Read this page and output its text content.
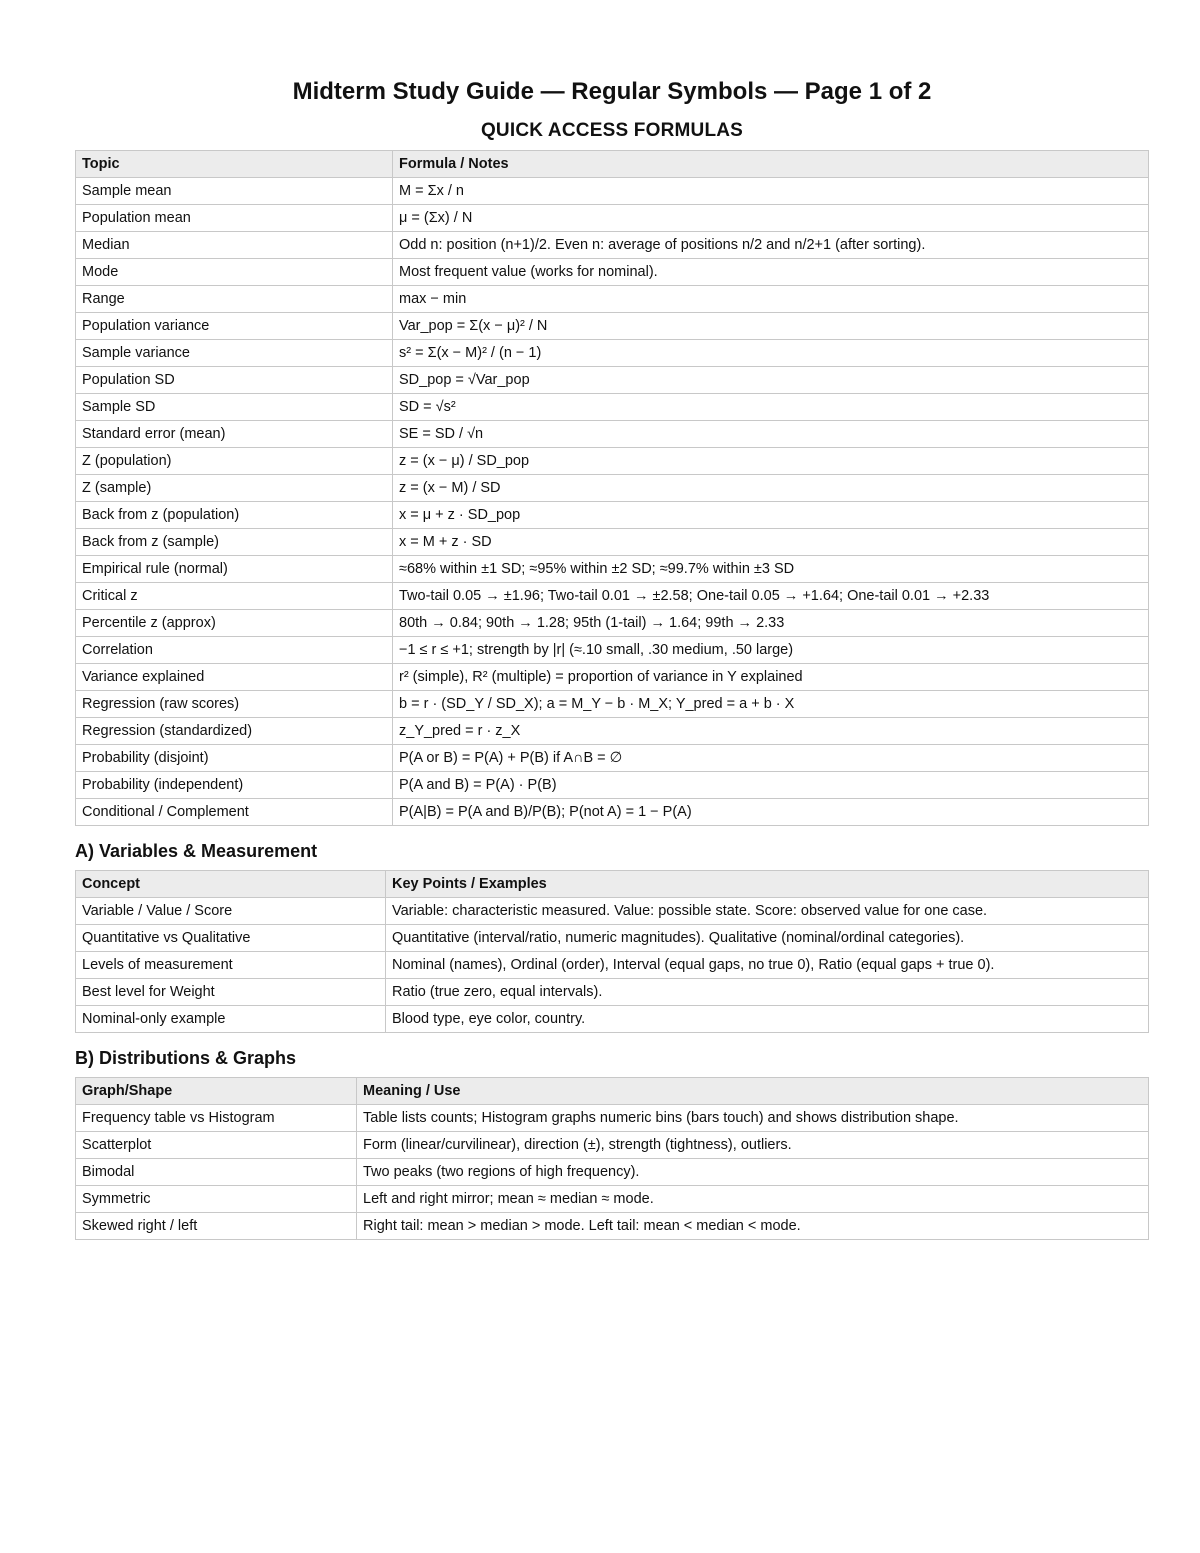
Midterm Study Guide — Regular Symbols — Page 1 of 2
QUICK ACCESS FORMULAS
Topic	Formula / Notes
Sample mean	M = Σx / n
Population mean	μ = (Σx) / N
Median	Odd n: position (n+1)/2. Even n: average of positions n/2 and n/2+1 (after sorting).
Mode	Most frequent value (works for nominal).
Range	max − min
Population variance	Var_pop = Σ(x − μ)² / N
Sample variance	s² = Σ(x − M)² / (n − 1)
Population SD	SD_pop = √Var_pop
Sample SD	SD = √s²
Standard error (mean)	SE = SD / √n
Z (population)	z = (x − μ) / SD_pop
Z (sample)	z = (x − M) / SD
Back from z (population)	x = μ + z · SD_pop
Back from z (sample)	x = M + z · SD
Empirical rule (normal)	≈68% within ±1 SD; ≈95% within ±2 SD; ≈99.7% within ±3 SD
Critical z	Two-tail 0.05 → ±1.96; Two-tail 0.01 → ±2.58; One-tail 0.05 → +1.64; One-tail 0.01 → +2.33
Percentile z (approx)	80th → 0.84; 90th → 1.28; 95th (1-tail) → 1.64; 99th → 2.33
Correlation	−1 ≤ r ≤ +1; strength by |r| (≈.10 small, .30 medium, .50 large)
Variance explained	r² (simple), R² (multiple) = proportion of variance in Y explained
Regression (raw scores)	b = r · (SD_Y / SD_X); a = M_Y − b · M_X; Y_pred = a + b · X
Regression (standardized)	z_Y_pred = r · z_X
Probability (disjoint)	P(A or B) = P(A) + P(B) if A∩B = ∅
Probability (independent)	P(A and B) = P(A) · P(B)
Conditional / Complement	P(A|B) = P(A and B)/P(B); P(not A) = 1 − P(A)
A) Variables & Measurement
Concept	Key Points / Examples
Variable / Value / Score	Variable: characteristic measured. Value: possible state. Score: observed value for one case.
Quantitative vs Qualitative	Quantitative (interval/ratio, numeric magnitudes). Qualitative (nominal/ordinal categories).
Levels of measurement	Nominal (names), Ordinal (order), Interval (equal gaps, no true 0), Ratio (equal gaps + true 0).
Best level for Weight	Ratio (true zero, equal intervals).
Nominal-only example	Blood type, eye color, country.
B) Distributions & Graphs
Graph/Shape	Meaning / Use
Frequency table vs Histogram	Table lists counts; Histogram graphs numeric bins (bars touch) and shows distribution shape.
Scatterplot	Form (linear/curvilinear), direction (±), strength (tightness), outliers.
Bimodal	Two peaks (two regions of high frequency).
Symmetric	Left and right mirror; mean ≈ median ≈ mode.
Skewed right / left	Right tail: mean > median > mode. Left tail: mean < median < mode.
